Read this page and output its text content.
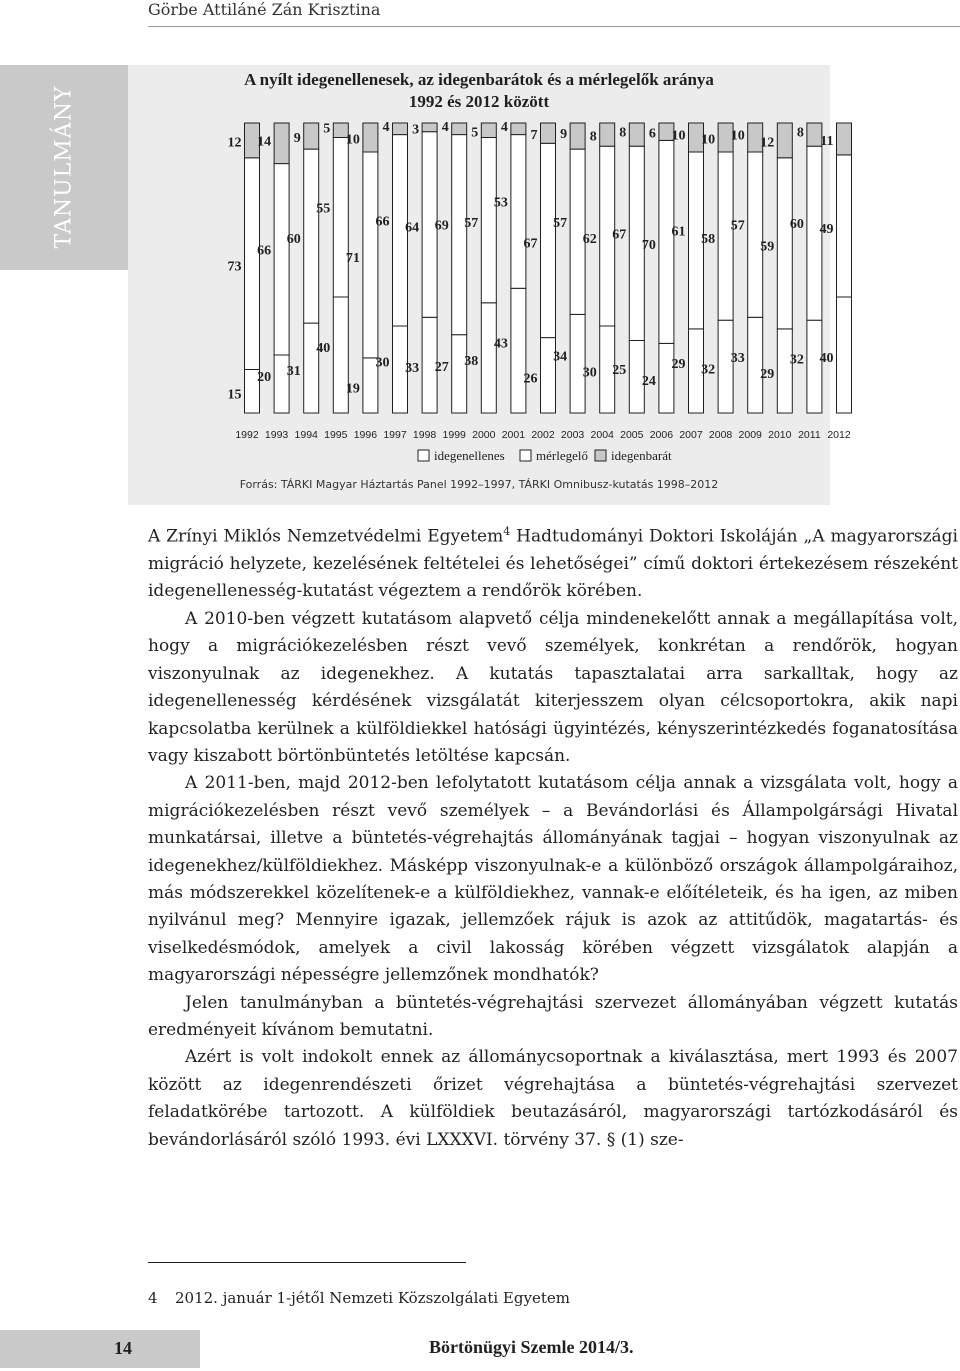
Görbe Attiláné Zán Krisztina
TANULMÁNY
A nyílt idegenellenesek, az idegenbarátok és a mérlegelők aránya
1992 és 2012 között
15
73
12
1992
20
66
14
1993
31
60
9
1994
40
55
5
1995
19
71
10
1996
30
66
4
1997
33
64
3
1998
27
69
4
1999
38
57
5
2000
43
53
4
2001
26
67
7
2002
34
57
9
2003
30
62
8
2004
25
67
8
2005
24
70
6
2006
29
61
10
2007
32
58
10
2008
33
57
10
2009
29
59
12
2010
32
60
8
2011
40
49
11
2012
idegenellenes mérlegelő idegenbarát
Forrás: TÁRKI Magyar Háztartás Panel 1992–1997, TÁRKI Omnibusz-kutatás 1998–2012

A Zrínyi Miklós Nemzetvédelmi Egyetem$^4$ Hadtudományi Doktori Iskoláján „A magyarországi migráció helyzete, kezelésének feltételei és lehetőségei” című doktori értekezésem részeként idegenellenesség-kutatást végeztem a rendőrök körében.

A 2010-ben végzett kutatásom alapvető célja mindenekelőtt annak a megállapítása volt, hogy a migrációkezelésben részt vevő személyek, konkrétan a rendőrök, hogyan viszonyulnak az idegenekhez. A kutatás tapasztalatai arra sarkalltak, hogy az idegenellenesség kérdésének vizsgálatát kiterjesszem olyan célcsoportokra, akik napi kapcsolatba kerülnek a külföldiekkel hatósági ügyintézés, kényszerintézkedés foganatosítása vagy kiszabott börtönbüntetés letöltése kapcsán.

A 2011-ben, majd 2012-ben lefolytatott kutatásom célja annak a vizsgálata volt, hogy a migrációkezelésben részt vevő személyek – a Bevándorlási és Állampolgársági Hivatal munkatársai, illetve a büntetés-végrehajtás állományának tagjai – hogyan viszonyulnak az idegenekhez/külföldiekhez. Másképp viszonyulnak-e a különböző országok állampolgáraihoz, más módszerekkel közelítenek-e a külföldiekhez, vannak-e előítéleteik, és ha igen, az miben nyilvánul meg? Mennyire igazak, jellemzőek rájuk is azok az attitűdök, magatartás- és viselkedésmódok, amelyek a civil lakosság körében végzett vizsgálatok alapján a magyarországi népességre jellemzőnek mondhatók?

Jelen tanulmányban a büntetés-végrehajtási szervezet állományában végzett kutatás eredményeit kívánom bemutatni.

Azért is volt indokolt ennek az állománycsoportnak a kiválasztása, mert 1993 és 2007 között az idegenrendészeti őrizet végrehajtása a büntetés-végrehajtási szervezet feladatkörébe tartozott. A külföldiek beutazásáról, magyarországi tartózkodásáról és bevándorlásáról szóló 1993. évi LXXXVI. törvény 37. § (1) sze-

4 2012. január 1-jétől Nemzeti Közszolgálati Egyetem
14	Börtönügyi Szemle 2014/3.
